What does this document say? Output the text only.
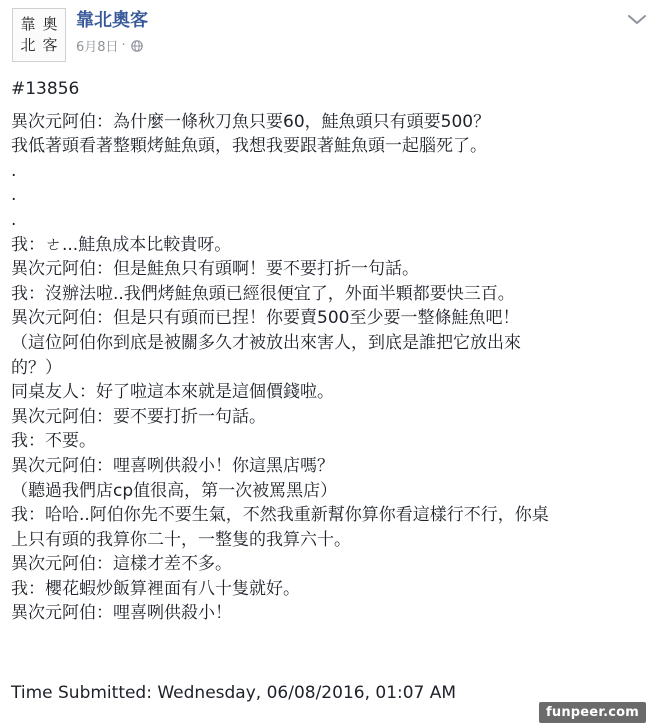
靠 奧
北 客
靠北奧客
6月8日 ·
#13856
異次元阿伯：為什麼一條秋刀魚只要60，鮭魚頭只有頭要500？
我低著頭看著整顆烤鮭魚頭，我想我要跟著鮭魚頭一起腦死了。
.
.
.
我：ㄜ...鮭魚成本比較貴呀。
異次元阿伯：但是鮭魚只有頭啊！要不要打折一句話。
我：沒辦法啦..我們烤鮭魚頭已經很便宜了，外面半顆都要快三百。
異次元阿伯：但是只有頭而已捏！你要賣500至少要一整條鮭魚吧！
（這位阿伯你到底是被關多久才被放出來害人，到底是誰把它放出來
的？）
同桌友人：好了啦這本來就是這個價錢啦。
異次元阿伯：要不要打折一句話。
我：不要。
異次元阿伯：哩喜咧供殺小！你這黑店嗎？
（聽過我們店cp值很高，第一次被罵黑店）
我：哈哈..阿伯你先不要生氣，不然我重新幫你算你看這樣行不行，你桌
上只有頭的我算你二十，一整隻的我算六十。
異次元阿伯：這樣才差不多。
我：櫻花蝦炒飯算裡面有八十隻就好。
異次元阿伯：哩喜咧供殺小！
Time Submitted: Wednesday, 06/08/2016, 01:07 AM
funpeer.com
